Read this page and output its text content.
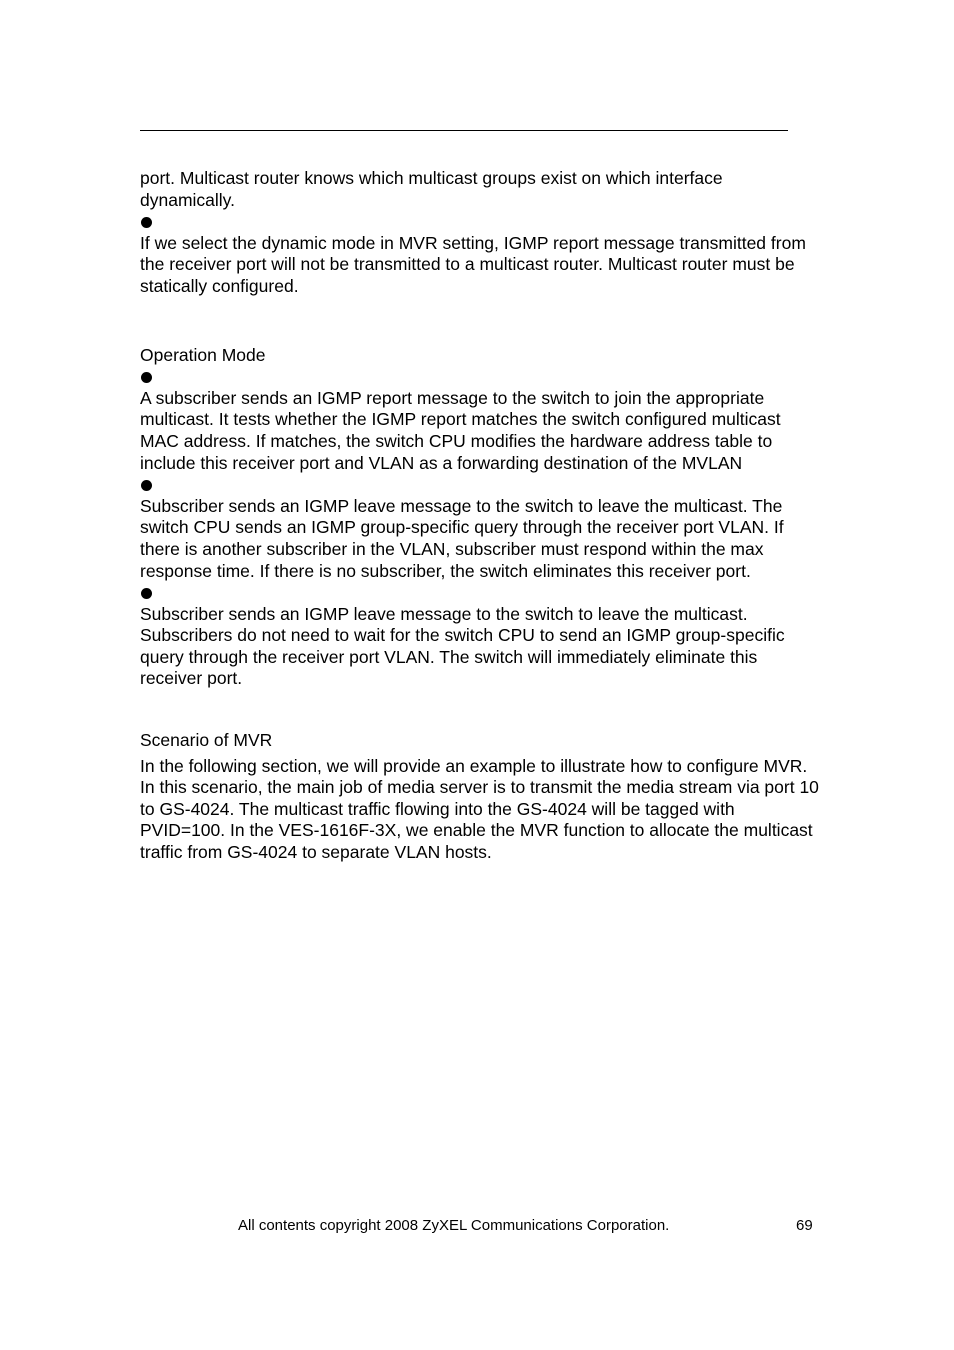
port. Multicast router knows which multicast groups exist on which interface dynamically.

If we select the dynamic mode in MVR setting, IGMP report message transmitted from the receiver port will not be transmitted to a multicast router. Multicast router must be statically configured.

Operation Mode

A subscriber sends an IGMP report message to the switch to join the appropriate multicast. It tests whether the IGMP report matches the switch configured multicast MAC address. If matches, the switch CPU modifies the hardware address table to include this receiver port and VLAN as a forwarding destination of the MVLAN

Subscriber sends an IGMP leave message to the switch to leave the multicast. The switch CPU sends an IGMP group-specific query through the receiver port VLAN. If there is another subscriber in the VLAN, subscriber must respond within the max response time. If there is no subscriber, the switch eliminates this receiver port.

Subscriber sends an IGMP leave message to the switch to leave the multicast. Subscribers do not need to wait for the switch CPU to send an IGMP group-specific query through the receiver port VLAN. The switch will immediately eliminate this receiver port.

Scenario of MVR

In the following section, we will provide an example to illustrate how to configure MVR. In this scenario, the main job of media server is to transmit the media stream via port 10 to GS-4024. The multicast traffic flowing into the GS-4024 will be tagged with PVID=100. In the VES-1616F-3X, we enable the MVR function to allocate the multicast traffic from GS-4024 to separate VLAN hosts.

All contents copyright 2008 ZyXEL Communications Corporation.	69
